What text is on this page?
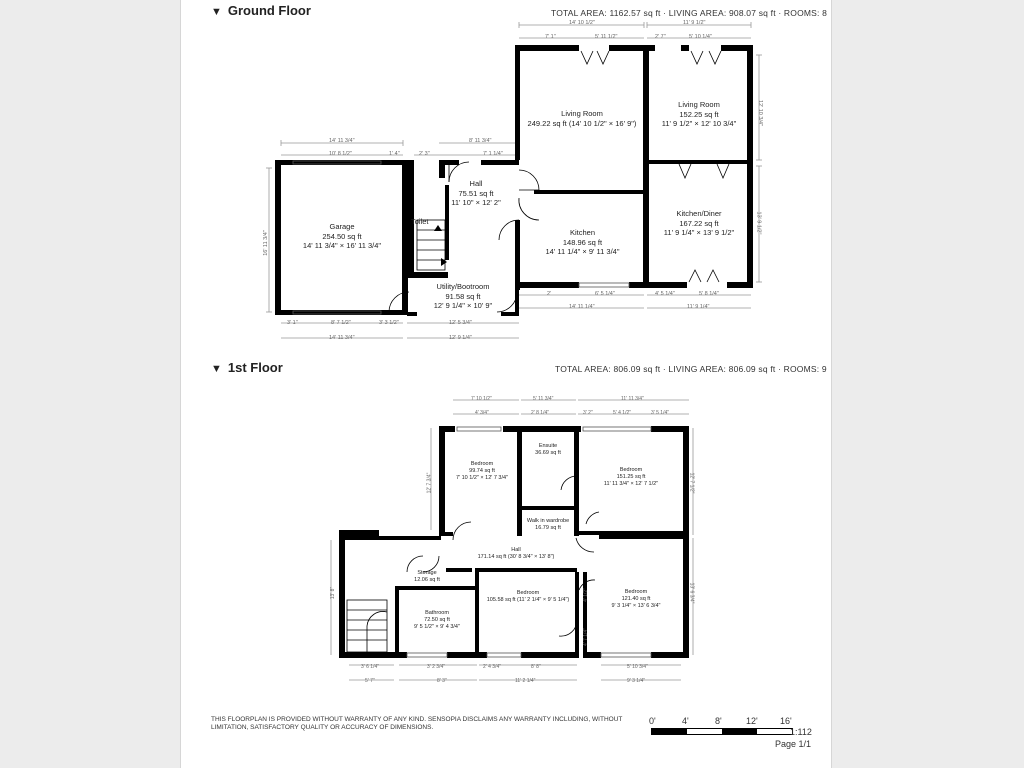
▼ Ground Floor	TOTAL AREA: 1162.57 sq ft · LIVING AREA: 908.07 sq ft · ROOMS: 8
Garage
254.50 sq ft
14' 11 3/4" × 16' 11 3/4"
Toilet
Hall
75.51 sq ft
11' 10" × 12' 2"
Living Room
249.22 sq ft (14' 10 1/2" × 16' 9")
Living Room
152.25 sq ft
11' 9 1/2" × 12' 10 3/4"
Kitchen
148.96 sq ft
14' 11 1/4" × 9' 11 3/4"
Kitchen/Diner
167.22 sq ft
11' 9 1/4" × 13' 9 1/2"
Utility/Bootroom
91.58 sq ft
12' 9 1/4" × 10' 9"
14' 10 1/2"	11' 9 1/2"
7' 1"	5' 11 1/2"	2' 7"	5' 10 1/4"
14' 11 3/4"	8' 11 3/4"
10' 8 1/2"	1' 4"	2' 3"	7' 1 1/4"
16' 11 3/4"
12' 10 3/4"
13' 9 1/2"
2'	6' 5 1/4"
14' 11 1/4"
4' 5 1/4"	5' 8 1/4"
11' 9 1/4"
3' 1"	8' 7 1/2"	3' 3 1/2"
14' 11 3/4"
12' 5 3/4"
12' 9 1/4"
▼ 1st Floor	TOTAL AREA: 806.09 sq ft · LIVING AREA: 806.09 sq ft · ROOMS: 9
Bedroom
99.74 sq ft
7' 10 1/2" × 12' 7 3/4"
Ensuite
36.69 sq ft
Bedroom
151.25 sq ft
11' 11 3/4" × 12' 7 1/2"
Walk in wardrobe
16.79 sq ft
Hall
171.14 sq ft (30' 8 3/4" × 13' 8")
Storage
12.06 sq ft
Bathroom
72.50 sq ft
9' 5 1/2" × 9' 4 3/4"
Bedroom
105.58 sq ft (11' 2 1/4" × 9' 5 1/4")
Bedroom
121.40 sq ft
9' 3 1/4" × 13' 6 3/4"
7' 10 1/2"	5' 11 3/4"	11' 11 3/4"
4' 3/4"	2' 8 1/4"	3' 2"	5' 4 1/2"	3' 5 1/4"
12' 7 3/4"	12' 7 1/2"
13' 6 3/4"
13' 8"	4' 1/2"
4' 7 1/4"
3' 6 1/4"
5' 7"
3' 2 3/4"
8' 3"
2' 4 3/4"	8' 8"
11' 2 1/4"
5' 10 3/4"
9' 3 1/4"
THIS FLOORPLAN IS PROVIDED WITHOUT WARRANTY OF ANY KIND. SENSOPIA DISCLAIMS ANY WARRANTY INCLUDING, WITHOUT LIMITATION, SATISFACTORY QUALITY OR ACCURACY OF DIMENSIONS.
0'	4'	8'	12' 16'
1:112
Page 1/1
